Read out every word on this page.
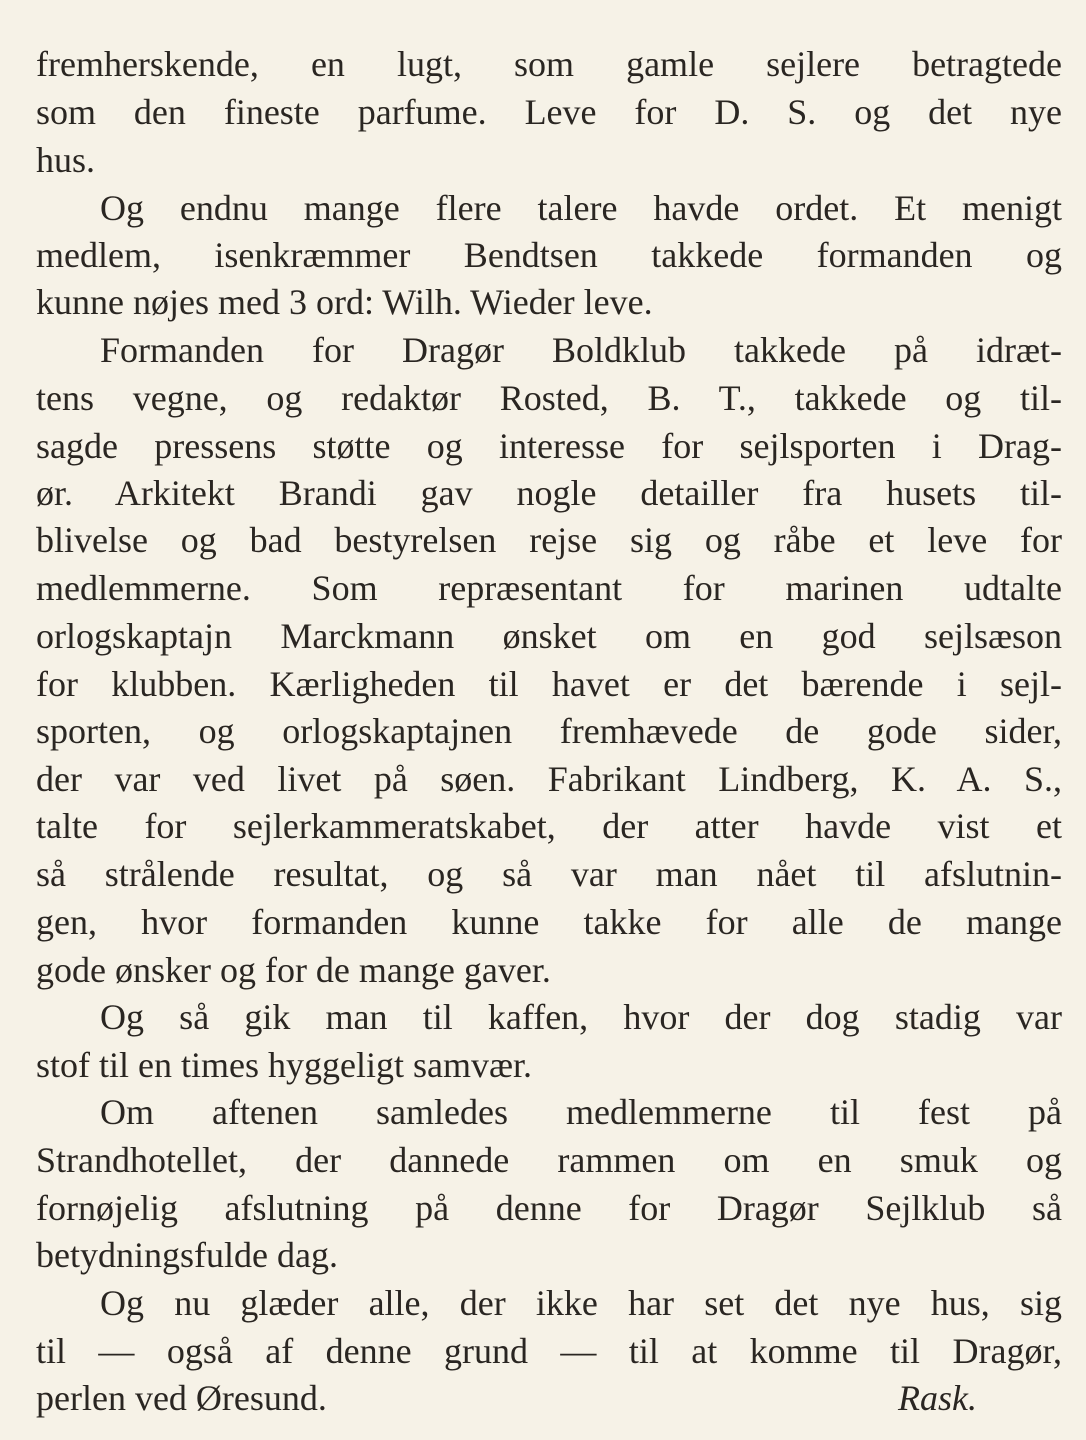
fremherskende, en lugt, som gamle sejlere betragtede
som den fineste parfume. Leve for D. S. og det nye
hus.
Og endnu mange flere talere havde ordet. Et menigt
medlem, isenkræmmer Bendtsen takkede formanden og
kunne nøjes med 3 ord: Wilh. Wieder leve.
Formanden for Dragør Boldklub takkede på idræt-
tens vegne, og redaktør Rosted, B. T., takkede og til-
sagde pressens støtte og interesse for sejlsporten i Drag-
ør. Arkitekt Brandi gav nogle detailler fra husets til-
blivelse og bad bestyrelsen rejse sig og råbe et leve for
medlemmerne. Som repræsentant for marinen udtalte
orlogskaptajn Marckmann ønsket om en god sejlsæson
for klubben. Kærligheden til havet er det bærende i sejl-
sporten, og orlogskaptajnen fremhævede de gode sider,
der var ved livet på søen. Fabrikant Lindberg, K. A. S.,
talte for sejlerkammeratskabet, der atter havde vist et
så strålende resultat, og så var man nået til afslutnin-
gen, hvor formanden kunne takke for alle de mange
gode ønsker og for de mange gaver.
Og så gik man til kaffen, hvor der dog stadig var
stof til en times hyggeligt samvær.
Om aftenen samledes medlemmerne til fest på
Strandhotellet, der dannede rammen om en smuk og
fornøjelig afslutning på denne for Dragør Sejlklub så
betydningsfulde dag.
Og nu glæder alle, der ikke har set det nye hus, sig
til — også af denne grund — til at komme til Dragør,
perlen ved Øresund.	Rask.
